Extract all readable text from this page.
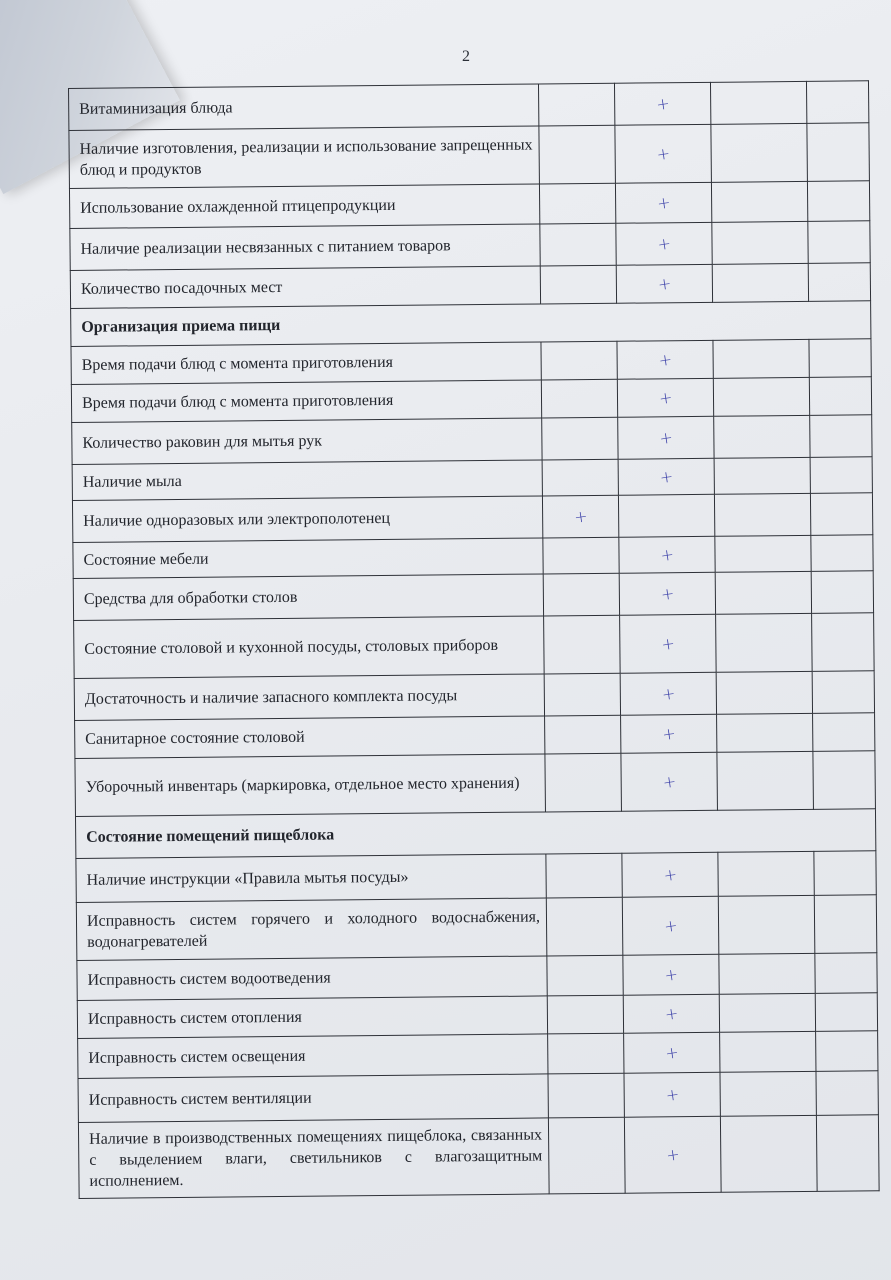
2
Витаминизация блюда		+		
Наличие изготовления, реализации и использование запрещенных блюд и продуктов		+		
Использование охлажденной птицепродукции		+		
Наличие реализации несвязанных с питанием товаров		+		
Количество посадочных мест		+		
Организация приема пищи				
Время подачи блюд с момента приготовления		+		
Время подачи блюд с момента приготовления		+		
Количество раковин для мытья рук		+		
Наличие мыла		+		
Наличие одноразовых или электрополотенец	+			
Состояние мебели		+		
Средства для обработки столов		+		
Состояние столовой и кухонной посуды, столовых приборов		+		
Достаточность и наличие запасного комплекта посуды		+		
Санитарное состояние столовой		+		
Уборочный инвентарь (маркировка, отдельное место хранения)		+		
Состояние помещений пищеблока				
Наличие инструкции «Правила мытья посуды»		+		
Исправность систем горячего и холодного водоснабжения, водонагревателей		+		
Исправность систем водоотведения		+		
Исправность систем отопления		+		
Исправность систем освещения		+		
Исправность систем вентиляции		+		
Наличие в производственных помещениях пищеблока, связанных с выделением влаги, светильников с влагозащитным исполнением.		+		
